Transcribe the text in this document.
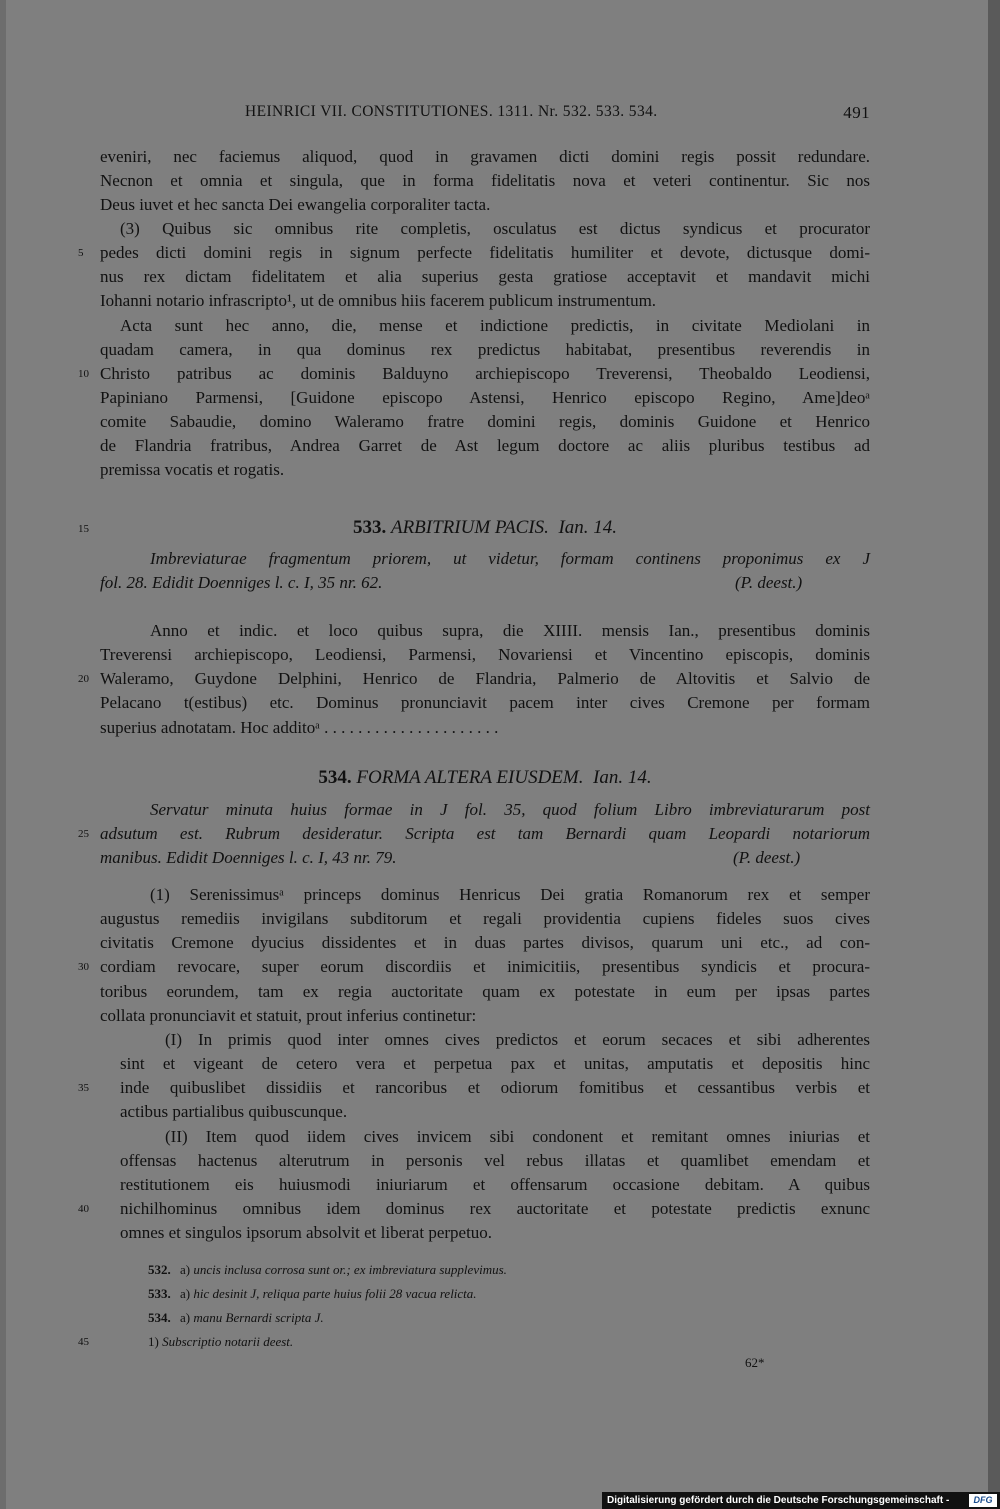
HEINRICI VII. CONSTITUTIONES. 1311. Nr. 532. 533. 534.	491
eveniri, nec faciemus aliquod, quod in gravamen dicti domini regis possit redundare.
Necnon et omnia et singula, que in forma fidelitatis nova et veteri continentur. Sic nos
Deus iuvet et hec sancta Dei ewangelia corporaliter tacta.
(3) Quibus sic omnibus rite completis, osculatus est dictus syndicus et procurator
5 pedes dicti domini regis in signum perfecte fidelitatis humiliter et devote, dictusque domi-
nus rex dictam fidelitatem et alia superius gesta gratiose acceptavit et mandavit michi
Iohanni notario infrascripto¹, ut de omnibus hiis facerem publicum instrumentum.
Acta sunt hec anno, die, mense et indictione predictis, in civitate Mediolani in
quadam camera, in qua dominus rex predictus habitabat, presentibus reverendis in
10 Christo patribus ac dominis Balduyno archiepiscopo Treverensi, Theobaldo Leodiensi,
Papiniano Parmensi, [Guidone episcopo Astensi, Henrico episcopo Regino, Ame]deoᵃ
comite Sabaudie, domino Waleramo fratre domini regis, dominis Guidone et Henrico
de Flandria fratribus, Andrea Garret de Ast legum doctore ac aliis pluribus testibus ad
premissa vocatis et rogatis.
15	533. ARBITRIUM PACIS. Ian. 14.
Imbreviaturae fragmentum priorem, ut videtur, formam continens proponimus ex J
fol. 28. Edidit Doenniges l. c. I, 35 nr. 62.	(P. deest.)
Anno et indic. et loco quibus supra, die XIIII. mensis Ian., presentibus dominis
Treverensi archiepiscopo, Leodiensi, Parmensi, Novariensi et Vincentino episcopis, dominis
20 Waleramo, Guydone Delphini, Henrico de Flandria, Palmerio de Altovitis et Salvio de
Pelacano t(estibus) etc. Dominus pronunciavit pacem inter cives Cremone per formam
superius adnotatam. Hoc additoᵃ . . . . . . . . . . . . . . . . . . . . .
534. FORMA ALTERA EIUSDEM. Ian. 14.
Servatur minuta huius formae in J fol. 35, quod folium Libro imbreviaturarum post
25 adsutum est. Rubrum desideratur. Scripta est tam Bernardi quam Leopardi notariorum
manibus. Edidit Doenniges l. c. I, 43 nr. 79.	(P. deest.)
(1) Serenissimusᵃ princeps dominus Henricus Dei gratia Romanorum rex et semper
augustus remediis invigilans subditorum et regali providentia cupiens fideles suos cives
civitatis Cremone dyucius dissidentes et in duas partes divisos, quarum uni etc., ad con-
30 cordiam revocare, super eorum discordiis et inimicitiis, presentibus syndicis et procura-
toribus eorundem, tam ex regia auctoritate quam ex potestate in eum per ipsas partes
collata pronunciavit et statuit, prout inferius continetur:
(I) In primis quod inter omnes cives predictos et eorum secaces et sibi adherentes
sint et vigeant de cetero vera et perpetua pax et unitas, amputatis et depositis hinc
35 inde quibuslibet dissidiis et rancoribus et odiorum fomitibus et cessantibus verbis et
actibus partialibus quibuscunque.
(II) Item quod iidem cives invicem sibi condonent et remitant omnes iniurias et
offensas hactenus alterutrum in personis vel rebus illatas et quamlibet emendam et
restitutionem eis huiusmodi iniuriarum et offensarum occasione debitam. A quibus
40 nichilhominus omnibus idem dominus rex auctoritate et potestate predictis exnunc
omnes et singulos ipsorum absolvit et liberat perpetuo.
532. a) uncis inclusa corrosa sunt or.; ex imbreviatura supplevimus.
533. a) hic desinit J, reliqua parte huius folii 28 vacua relicta.
534. a) manu Bernardi scripta J.
45	1) Subscriptio notarii deest.
62*
Digitalisierung gefördert durch die Deutsche Forschungsgemeinschaft -	DFG
